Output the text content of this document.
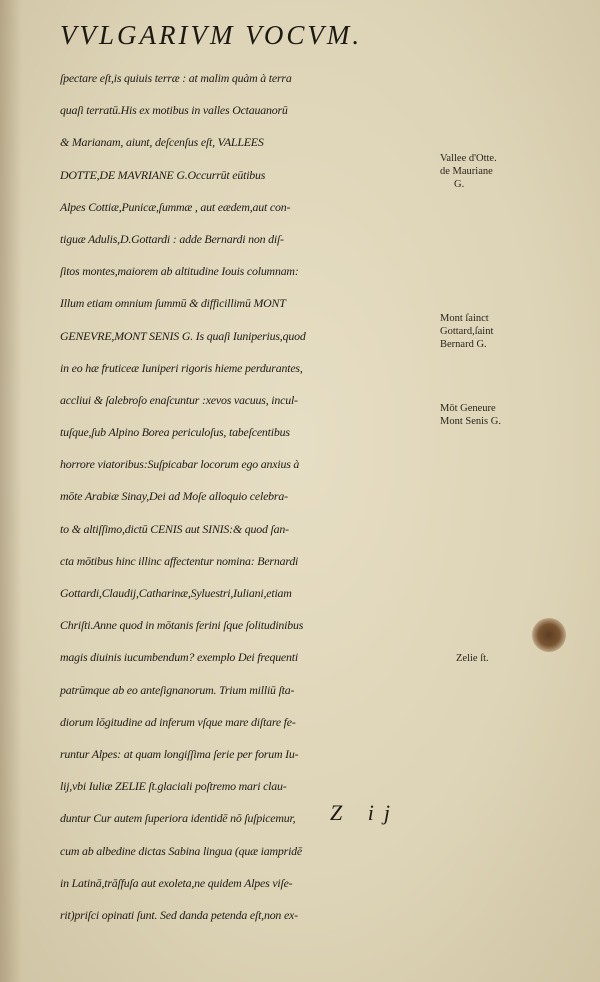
VVLGARIVM VOCVM.
ſpectare eſt,is quiuis terræ : at malim quàm à terra
quaſi terratū.His ex motibus in valles Octauanorū
& Marianam, aiunt, deſcenſus eſt, VALLEES
DOTTE,DE MAVRIANE G.Occurrūt eūtibus
Alpes Cottiæ,Punicæ,ſummæ , aut eædem,aut con-
tiguæ Adulis,D.Gottardi : adde Bernardi non diſ-
ſitos montes,maiorem ab altitudine Iouis columnam:
Illum etiam omnium ſummū & difficillimū MONT
GENEVRE,MONT SENIS G. Is quaſi Iuniperius,quod
in eo hæ fruticeæ Iuniperi rigoris hieme perdurantes,
accliui & ſalebroſo enaſcuntur :xevos vacuus, incul-
tuſque,ſub Alpino Borea periculoſus, tabeſcentibus
horrore viatoribus:Suſpicabar locorum ego anxius à
mōte Arabiæ Sinay,Dei ad Moſe alloquio celebra-
to & altiſſimo,dictū CENIS aut SINIS:& quod ſan-
cta mōtibus hinc illinc affectentur nomina: Bernardi
Gottardi,Claudij,Catharinæ,Syluestri,Iuliani,etiam
Chriſti.Anne quod in mōtanis ferini ſque ſolitudinibus
magis diuinis iucumbendum? exemplo Dei frequenti
patrūmque ab eo anteſignanorum. Trium milliū ſta-
diorum lōgitudine ad inferum vſque mare diſtare fe-
runtur Alpes: at quam longiſſima ſerie per forum Iu-
lij,vbi Iuliæ ZELIE ſt.glaciali poſtremo mari clau-
duntur Cur autem ſuperiora identidē nō ſuſpicemur,
cum ab albedine dictas Sabina lingua (quæ iampridē
in Latinā,trāſfuſa aut exoleta,ne quidem Alpes viſe-
rit)priſci opinati ſunt. Sed danda petenda eſt,non ex-
Vallee d'Otte.
de Mauriane
G.
Mont ſainct
Gottard,ſaint
Bernard G.
Mōt Geneure
Mont Senis G.
Zelie ſt.
Z ij
